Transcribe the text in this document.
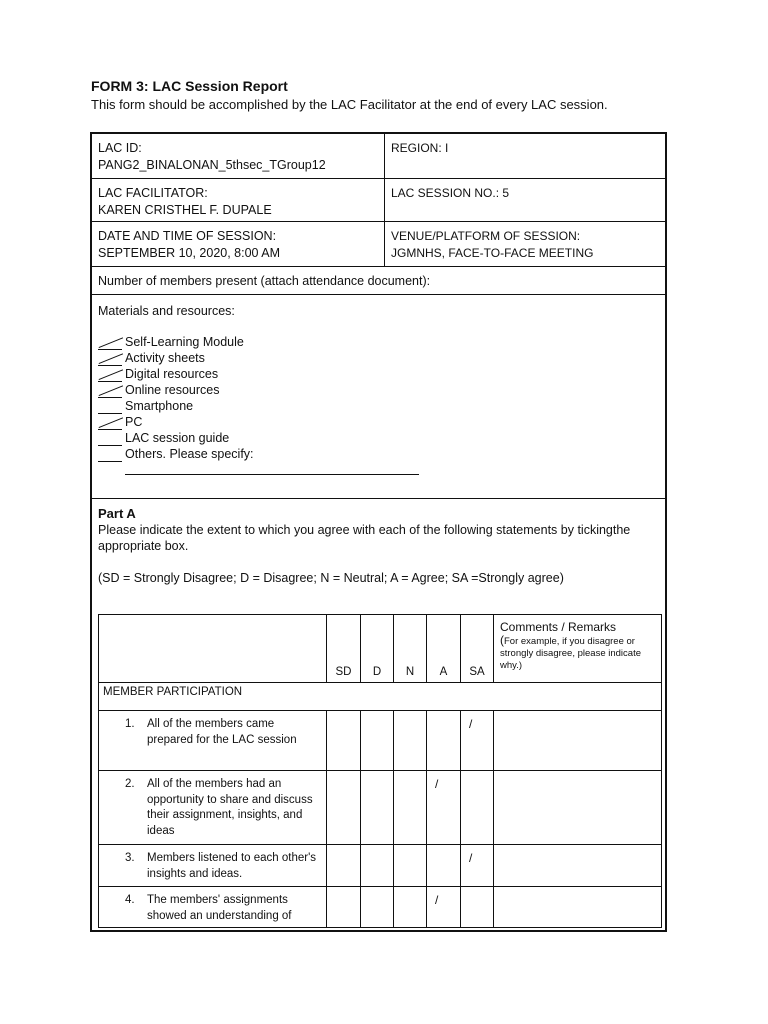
FORM 3: LAC Session Report
This form should be accomplished by the LAC Facilitator at the end of every LAC session.
LAC ID:
PANG2_BINALONAN_5thsec_TGroup12
REGION: I
LAC FACILITATOR:
KAREN CRISTHEL F. DUPALE
LAC SESSION NO.: 5
DATE AND TIME OF SESSION:
SEPTEMBER 10, 2020, 8:00 AM
VENUE/PLATFORM OF SESSION:
JGMNHS, FACE-TO-FACE MEETING
Number of members present (attach attendance document):
Materials and resources:
Self-Learning Module
Activity sheets
Digital resources
Online resources
Smartphone
PC
LAC session guide
Others. Please specify:
Part A
Please indicate the extent to which you agree with each of the following statements by tickingthe appropriate box.
(SD = Strongly Disagree; D = Disagree; N = Neutral; A = Agree; SA =Strongly agree)
	SD	D	N	A	SA	Comments / Remarks
(For example, if you disagree or strongly disagree, please indicate why.)

MEMBER PARTICIPATION						

1. All of the members came prepared for the LAC session					/	

2. All of the members had an opportunity to share and discuss their assignment, insights, and ideas				/		

3. Members listened to each other's insights and ideas.					/	

4. The members' assignments showed an understanding of				/		
